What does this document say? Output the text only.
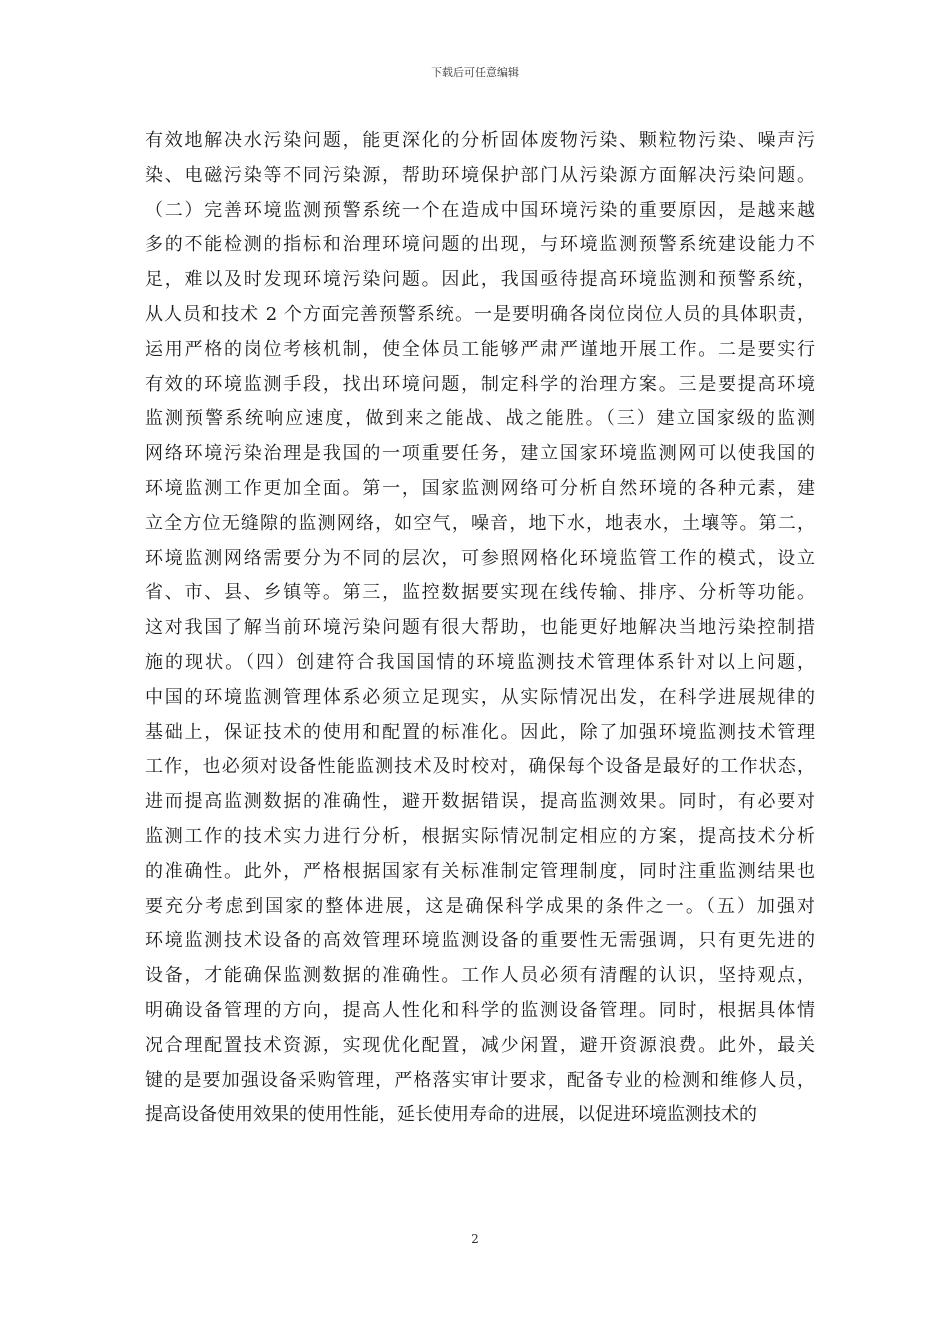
下载后可任意编辑
有效地解决水污染问题，能更深化的分析固体废物污染、颗粒物污染、噪声污
染、电磁污染等不同污染源，帮助环境保护部门从污染源方面解决污染问题。
（二）完善环境监测预警系统一个在造成中国环境污染的重要原因，是越来越
多的不能检测的指标和治理环境问题的出现，与环境监测预警系统建设能力不
足，难以及时发现环境污染问题。因此，我国亟待提高环境监测和预警系统，
从人员和技术 2 个方面完善预警系统。一是要明确各岗位岗位人员的具体职责，
运用严格的岗位考核机制，使全体员工能够严肃严谨地开展工作。二是要实行
有效的环境监测手段，找出环境问题，制定科学的治理方案。三是要提高环境
监测预警系统响应速度，做到来之能战、战之能胜。（三）建立国家级的监测
网络环境污染治理是我国的一项重要任务，建立国家环境监测网可以使我国的
环境监测工作更加全面。第一，国家监测网络可分析自然环境的各种元素，建
立全方位无缝隙的监测网络，如空气，噪音，地下水，地表水，土壤等。第二，
环境监测网络需要分为不同的层次，可参照网格化环境监管工作的模式，设立
省、市、县、乡镇等。第三，监控数据要实现在线传输、排序、分析等功能。
这对我国了解当前环境污染问题有很大帮助，也能更好地解决当地污染控制措
施的现状。（四）创建符合我国国情的环境监测技术管理体系针对以上问题，
中国的环境监测管理体系必须立足现实，从实际情况出发，在科学进展规律的
基础上，保证技术的使用和配置的标准化。因此，除了加强环境监测技术管理
工作，也必须对设备性能监测技术及时校对，确保每个设备是最好的工作状态，
进而提高监测数据的准确性，避开数据错误，提高监测效果。同时，有必要对
监测工作的技术实力进行分析，根据实际情况制定相应的方案，提高技术分析
的准确性。此外，严格根据国家有关标准制定管理制度，同时注重监测结果也
要充分考虑到国家的整体进展，这是确保科学成果的条件之一。（五）加强对
环境监测技术设备的高效管理环境监测设备的重要性无需强调，只有更先进的
设备，才能确保监测数据的准确性。工作人员必须有清醒的认识，坚持观点，
明确设备管理的方向，提高人性化和科学的监测设备管理。同时，根据具体情
况合理配置技术资源，实现优化配置，减少闲置，避开资源浪费。此外，最关
键的是要加强设备采购管理，严格落实审计要求，配备专业的检测和维修人员，
提高设备使用效果的使用性能，延长使用寿命的进展，以促进环境监测技术的
2
